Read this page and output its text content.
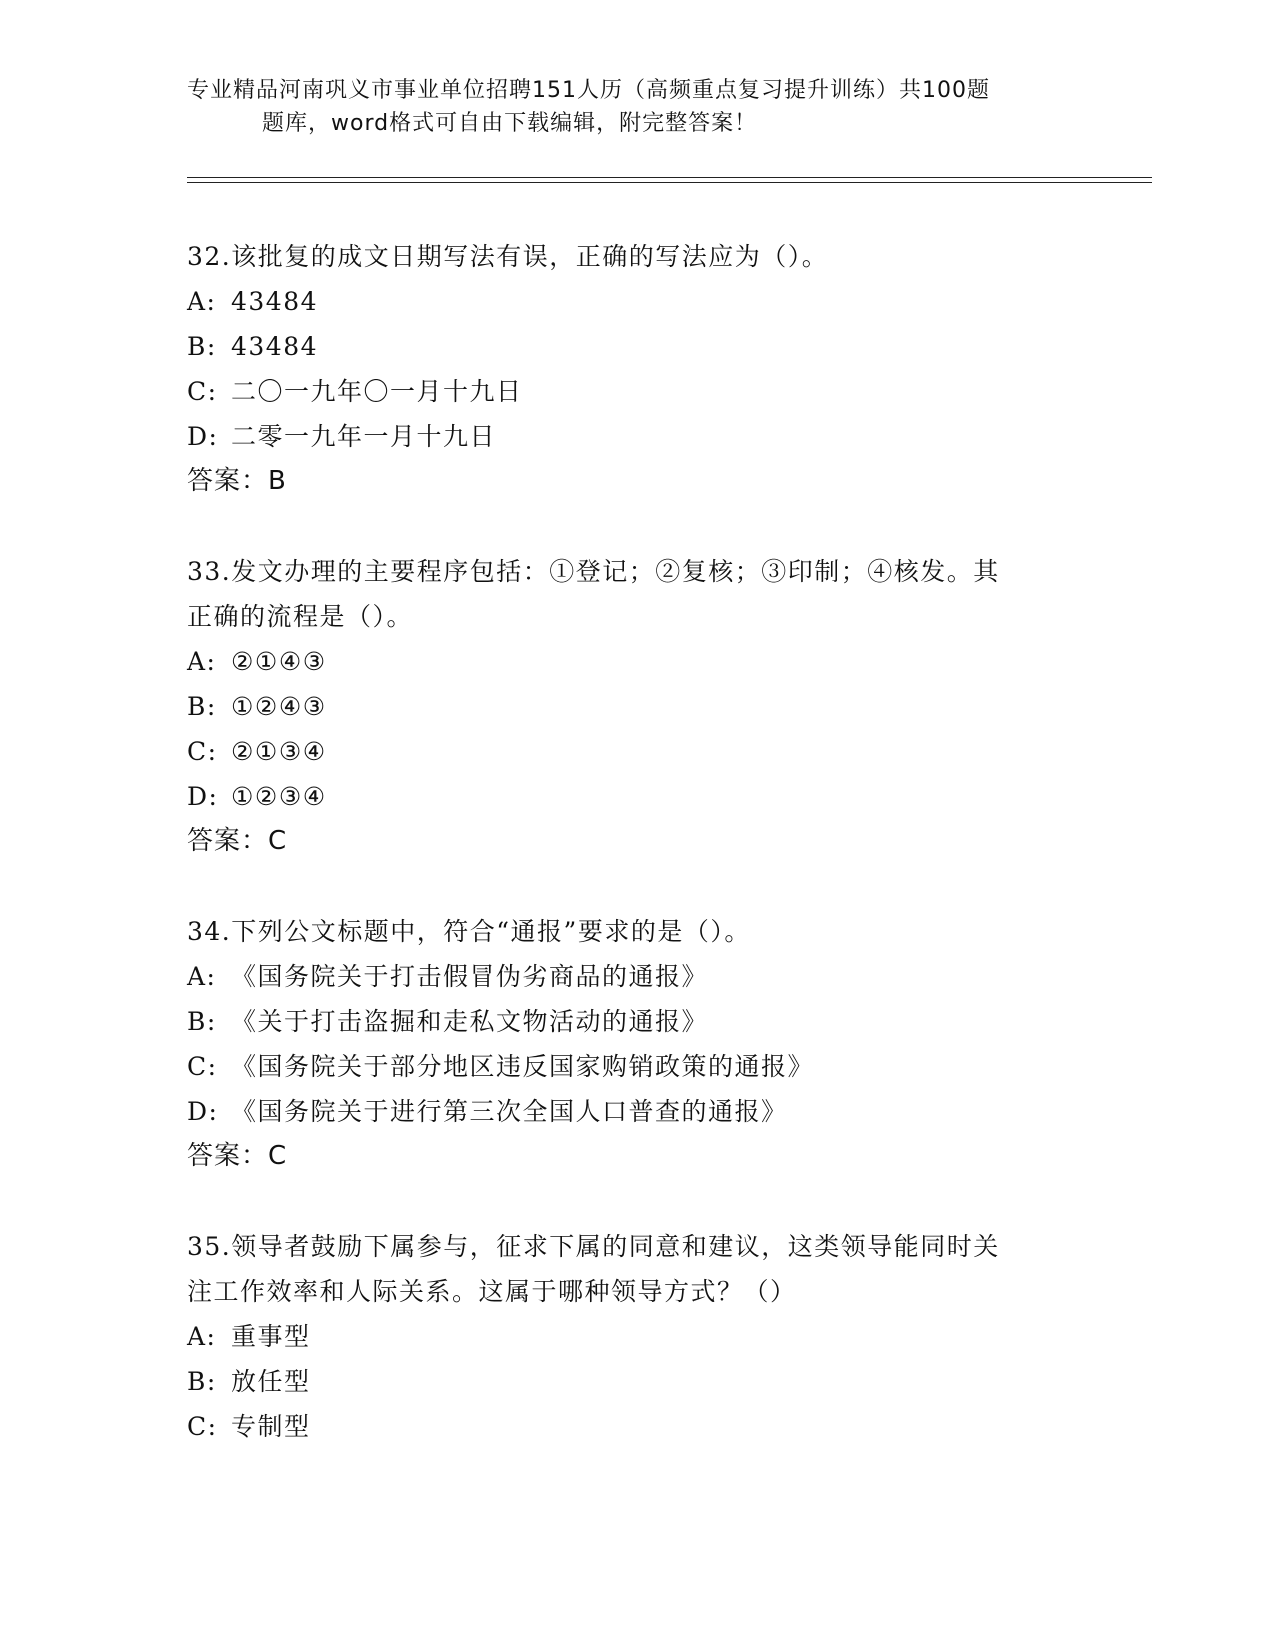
专业精品河南巩义市事业单位招聘151人历（高频重点复习提升训练）共100题
题库，word格式可自由下载编辑，附完整答案！
32.该批复的成文日期写法有误，正确的写法应为（）。
A: 43484
B: 43484
C: 二〇一九年〇一月十九日
D: 二零一九年一月十九日
答案：B
33.发文办理的主要程序包括：①登记；②复核；③印制；④核发。其
正确的流程是（）。
A: ②①④③
B: ①②④③
C: ②①③④
D: ①②③④
答案：C
34.下列公文标题中，符合“通报”要求的是（）。
A: 《国务院关于打击假冒伪劣商品的通报》
B: 《关于打击盗掘和走私文物活动的通报》
C: 《国务院关于部分地区违反国家购销政策的通报》
D: 《国务院关于进行第三次全国人口普查的通报》
答案：C
35.领导者鼓励下属参与，征求下属的同意和建议，这类领导能同时关
注工作效率和人际关系。这属于哪种领导方式？（）
A: 重事型
B: 放任型
C: 专制型
